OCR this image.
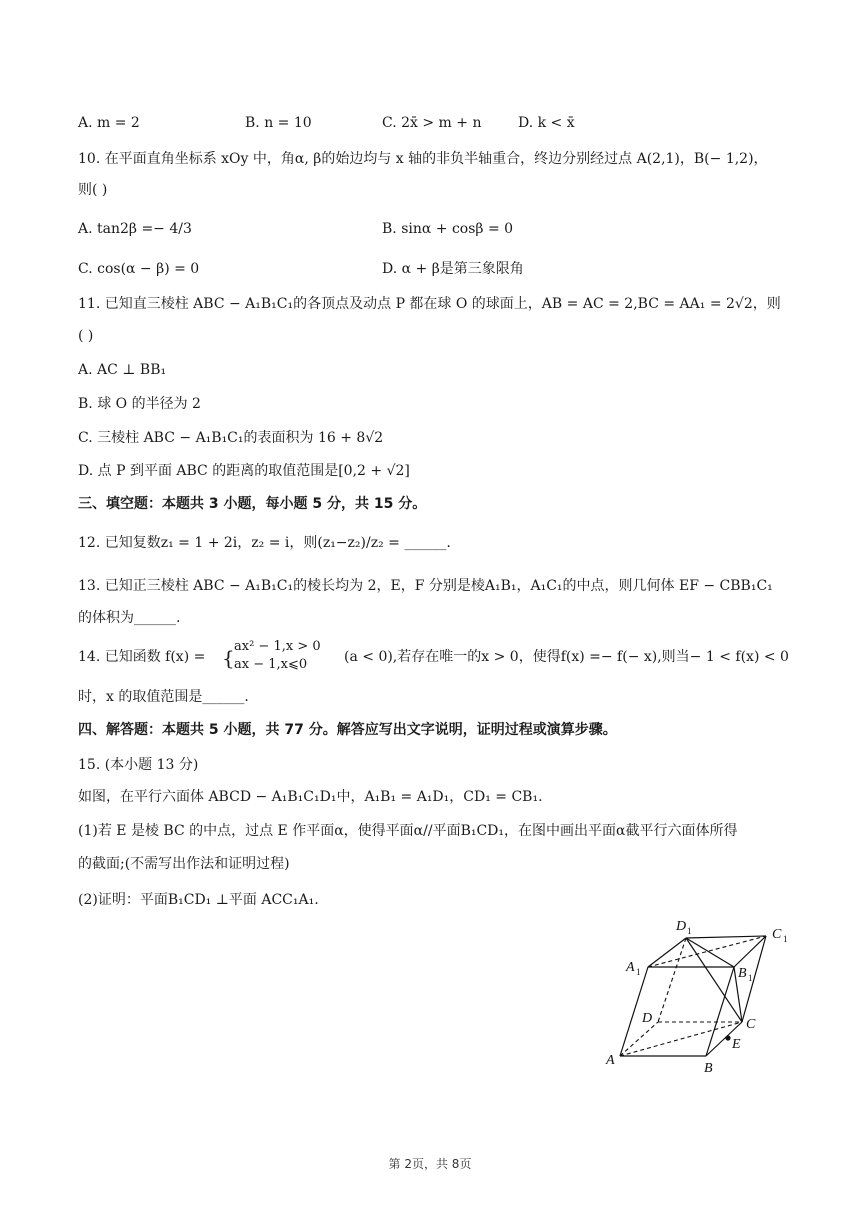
A. m = 2	B. n = 10	C. 2x̄ > m + n	D. k < x̄
10. 在平面直角坐标系 xOy 中，角α, β的始边均与 x 轴的非负半轴重合，终边分别经过点 A(2,1)，B(− 1,2)，
则( )
A. tan2β =− 4/3	B. sinα + cosβ = 0
C. cos(α − β) = 0	D. α + β是第三象限角
11. 已知直三棱柱 ABC − A₁B₁C₁的各顶点及动点 P 都在球 O 的球面上，AB = AC = 2,BC = AA₁ = 2√2，则
( )
A. AC ⊥ BB₁
B. 球 O 的半径为 2
C. 三棱柱 ABC − A₁B₁C₁的表面积为 16 + 8√2
D. 点 P 到平面 ABC 的距离的取值范围是[0,2 + √2]
三、填空题：本题共 3 小题，每小题 5 分，共 15 分。
12. 已知复数z₁ = 1 + 2i，z₂ = i，则(z₁−z₂)/z₂ = ______.
13. 已知正三棱柱 ABC − A₁B₁C₁的棱长均为 2，E，F 分别是棱A₁B₁，A₁C₁的中点，则几何体 EF − CBB₁C₁
的体积为______.
14. 已知函数 f(x) = { ax² − 1,x > 0
ax − 1,x⩽0	(a < 0),若存在唯一的x > 0，使得f(x) =− f(− x),则当− 1 < f(x) < 0
时，x 的取值范围是______.
四、解答题：本题共 5 小题，共 77 分。解答应写出文字说明，证明过程或演算步骤。
15. (本小题 13 分)
如图，在平行六面体 ABCD − A₁B₁C₁D₁中，A₁B₁ = A₁D₁，CD₁ = CB₁.
(1)若 E 是棱 BC 的中点，过点 E 作平面α，使得平面α//平面B₁CD₁，在图中画出平面α截平行六面体所得
的截面;(不需写出作法和证明过程)
(2)证明：平面B₁CD₁ ⊥平面 ACC₁A₁.
D 1	C 1
A 1	B 1
D	C
A
B
E
第 2页，共 8页
